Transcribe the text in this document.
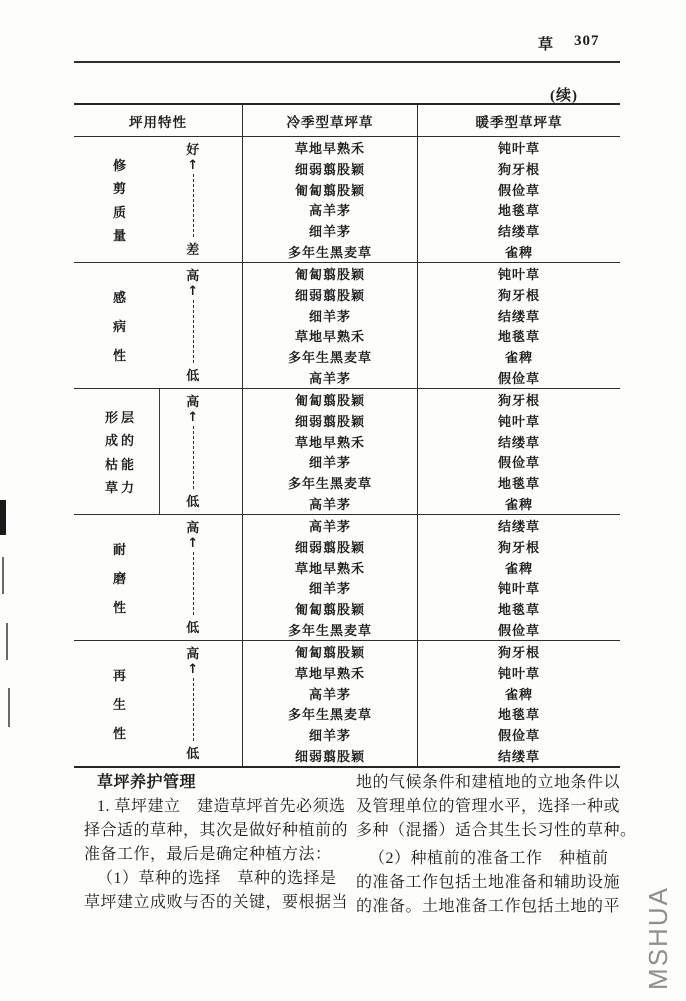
草 307
(续)
坪用特性	冷季型草坪草	暖季型草坪草
修
剪
质
量
好
↑
差
草地早熟禾
细弱翦股颖
匍匐翦股颖
高羊茅
细羊茅
多年生黑麦草
钝叶草
狗牙根
假俭草
地毯草
结缕草
雀稗
感
病
性
高
↑
低
匍匐翦股颖
细弱翦股颖
细羊茅
草地早熟禾
多年生黑麦草
高羊茅
钝叶草
狗牙根
结缕草
地毯草
雀稗
假俭草
形层
成的
枯能
草力
高
↑
低
匍匐翦股颖
细弱翦股颖
草地早熟禾
细羊茅
多年生黑麦草
高羊茅
狗牙根
钝叶草
结缕草
假俭草
地毯草
雀稗
耐
磨
性
高
↑
低
高羊茅
细弱翦股颖
草地早熟禾
细羊茅
匍匐翦股颖
多年生黑麦草
结缕草
狗牙根
雀稗
钝叶草
地毯草
假俭草
再
生
性
高
↑
低
匍匐翦股颖
草地早熟禾
高羊茅
多年生黑麦草
细羊茅
细弱翦股颖
狗牙根
钝叶草
雀稗
地毯草
假俭草
结缕草
草坪养护管理
1. 草坪建立　建造草坪首先必须选
择合适的草种，其次是做好种植前的
准备工作，最后是确定种植方法：
（1）草种的选择　草种的选择是
草坪建立成败与否的关键，要根据当
地的气候条件和建植地的立地条件以
及管理单位的管理水平，选择一种或
多种（混播）适合其生长习性的草种。
（2）种植前的准备工作　种植前
的准备工作包括土地准备和辅助设施
的准备。土地准备工作包括土地的平 MSHUA
